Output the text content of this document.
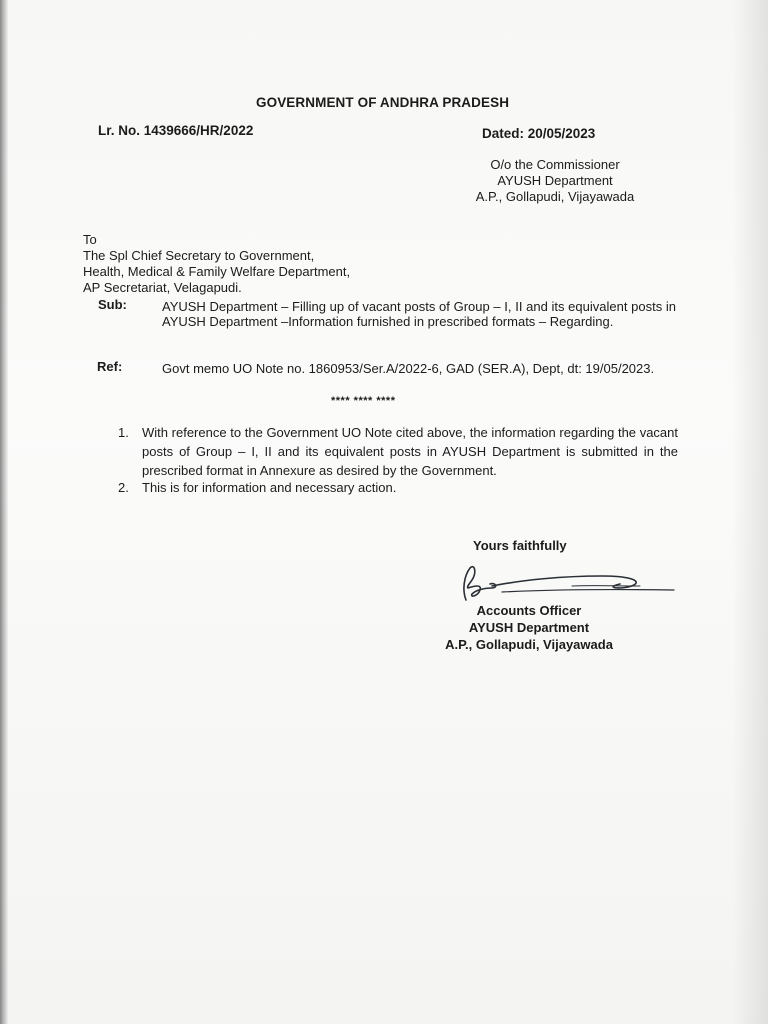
GOVERNMENT OF ANDHRA PRADESH
Lr. No. 1439666/HR/2022	Dated: 20/05/2023
O/o the Commissioner
AYUSH Department
A.P., Gollapudi, Vijayawada
To
The Spl Chief Secretary to Government,
Health, Medical & Family Welfare Department,
AP Secretariat, Velagapudi.
Sub:	AYUSH Department – Filling up of vacant posts of Group – I, II and its equivalent posts in AYUSH Department –Information furnished in prescribed formats – Regarding.
Ref:	Govt memo UO Note no. 1860953/Ser.A/2022-6, GAD (SER.A), Dept, dt: 19/05/2023.
**** **** ****
1. With reference to the Government UO Note cited above, the information regarding the vacant posts of Group – I, II and its equivalent posts in AYUSH Department is submitted in the prescribed format in Annexure as desired by the Government.
2. This is for information and necessary action.
Yours faithfully
Accounts Officer
AYUSH Department
A.P., Gollapudi, Vijayawada
